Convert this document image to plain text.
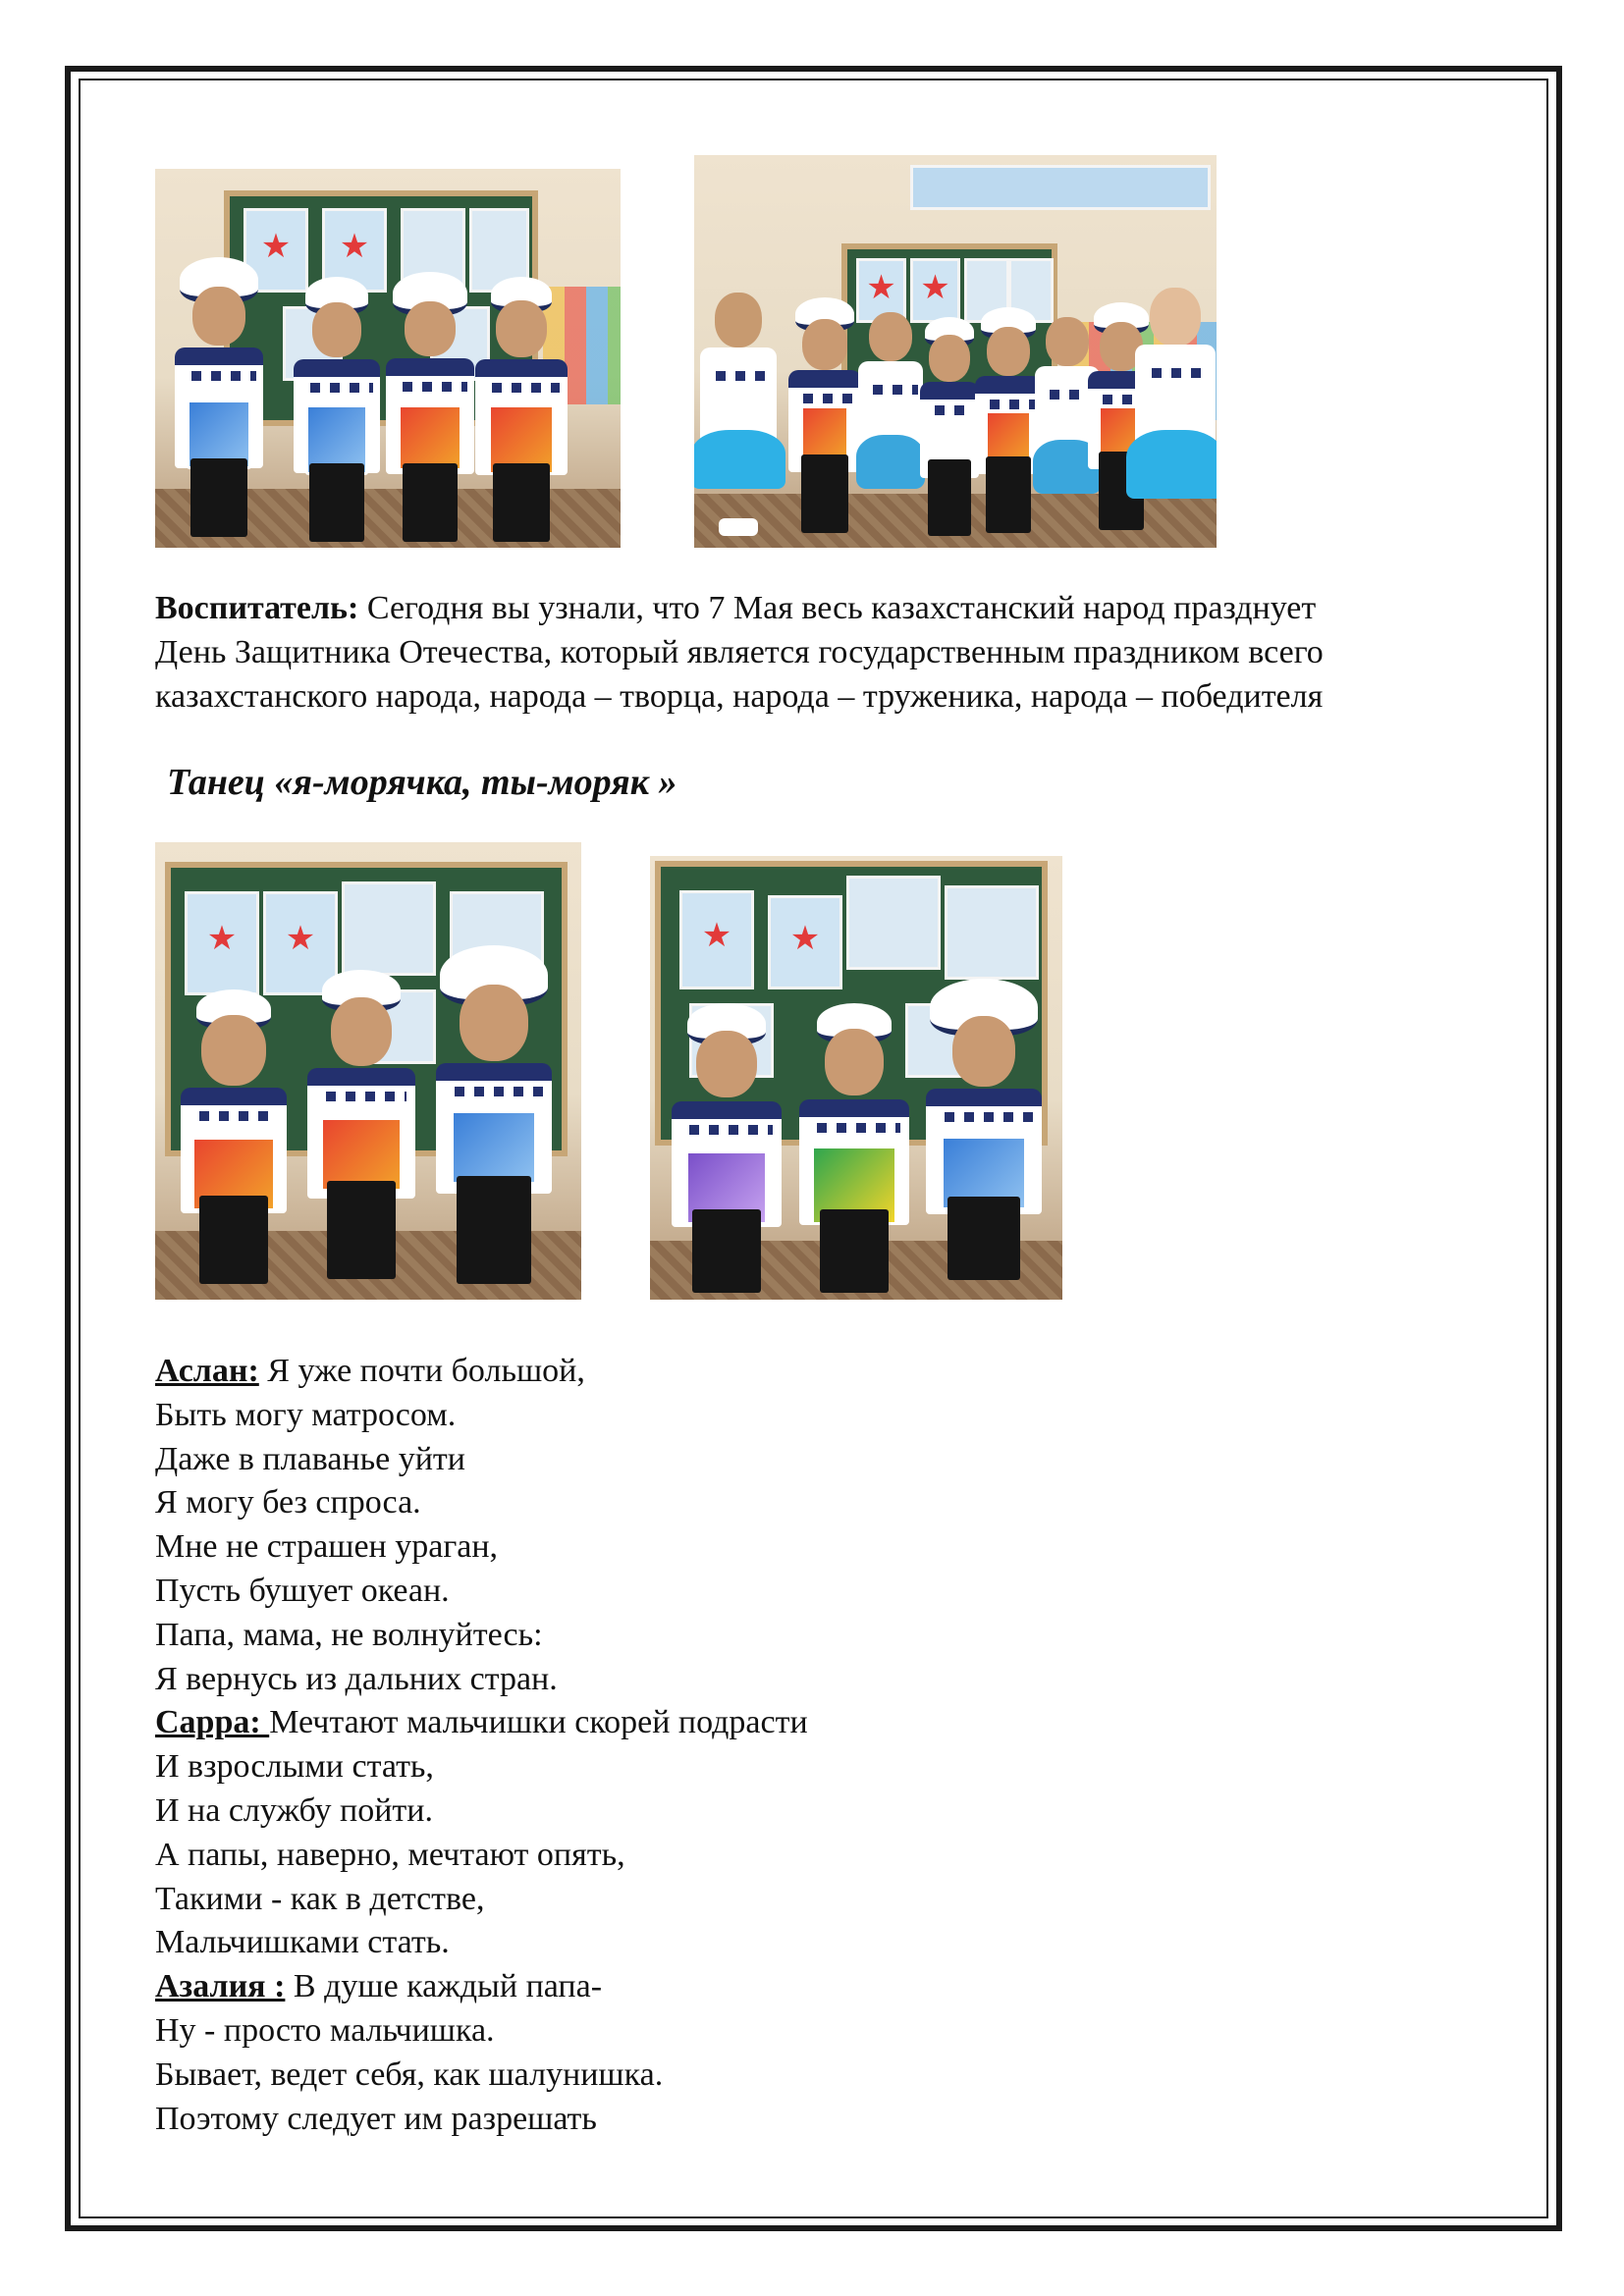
★
★
★
★
Воспитатель: Сегодня вы узнали, что 7 Мая весь казахстанский народ празднует
День Защитника Отечества, который является государственным праздником всего
казахстанского народа, народа – творца, народа – труженика, народа – победителя
Танец «я-морячка, ты-моряк »
★
★
★
★
Аслан: Я уже почти большой,
Быть могу матросом.
Даже в плаванье уйти
Я могу без спроса.
Мне не страшен ураган,
Пусть бушует океан.
Папа, мама, не волнуйтесь:
Я вернусь из дальних стран.
Сарра: Мечтают мальчишки скорей подрасти
И взрослыми стать,
И на службу пойти.
А папы, наверно, мечтают опять,
Такими - как в детстве,
Мальчишками стать.
Азалия : В душе каждый папа-
Ну - просто мальчишка.
Бывает, ведет себя, как шалунишка.
Поэтому следует им разрешать
